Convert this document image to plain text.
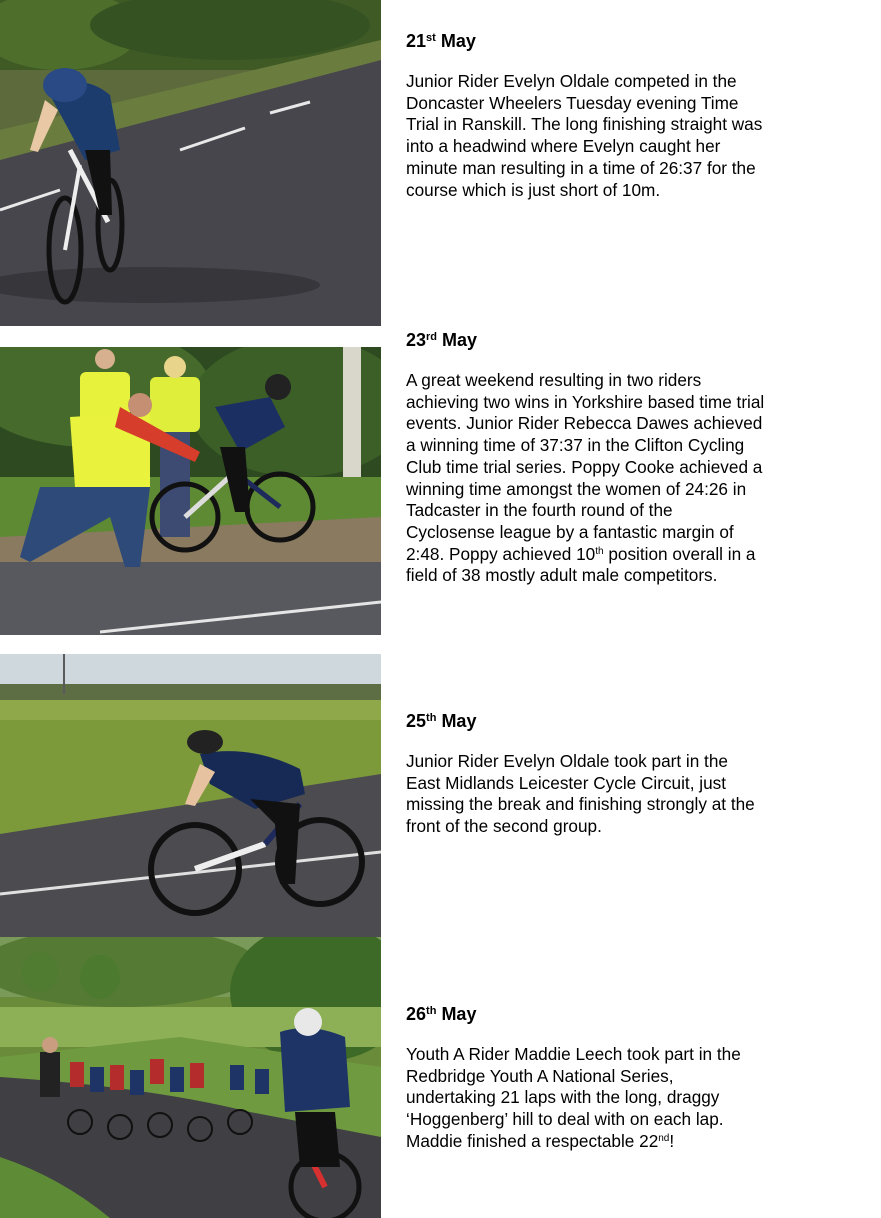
21st May

Junior Rider Evelyn Oldale competed in the Doncaster Wheelers Tuesday evening Time Trial in Ranskill. The long finishing straight was into a headwind where Evelyn caught her minute man resulting in a time of 26:37 for the course which is just short of 10m.

23rd May

A great weekend resulting in two riders achieving two wins in Yorkshire based time trial events. Junior Rider Rebecca Dawes achieved a winning time of 37:37 in the Clifton Cycling Club time trial series. Poppy Cooke achieved a winning time amongst the women of 24:26 in Tadcaster in the fourth round of the Cyclosense league by a fantastic margin of 2:48. Poppy achieved 10th position overall in a field of 38 mostly adult male competitors.

25th May

Junior Rider Evelyn Oldale took part in the East Midlands Leicester Cycle Circuit, just missing the break and finishing strongly at the front of the second group.

26th May

Youth A Rider Maddie Leech took part in the Redbridge Youth A National Series, undertaking 21 laps with the long, draggy ‘Hoggenberg’ hill to deal with on each lap. Maddie finished a respectable 22nd!
